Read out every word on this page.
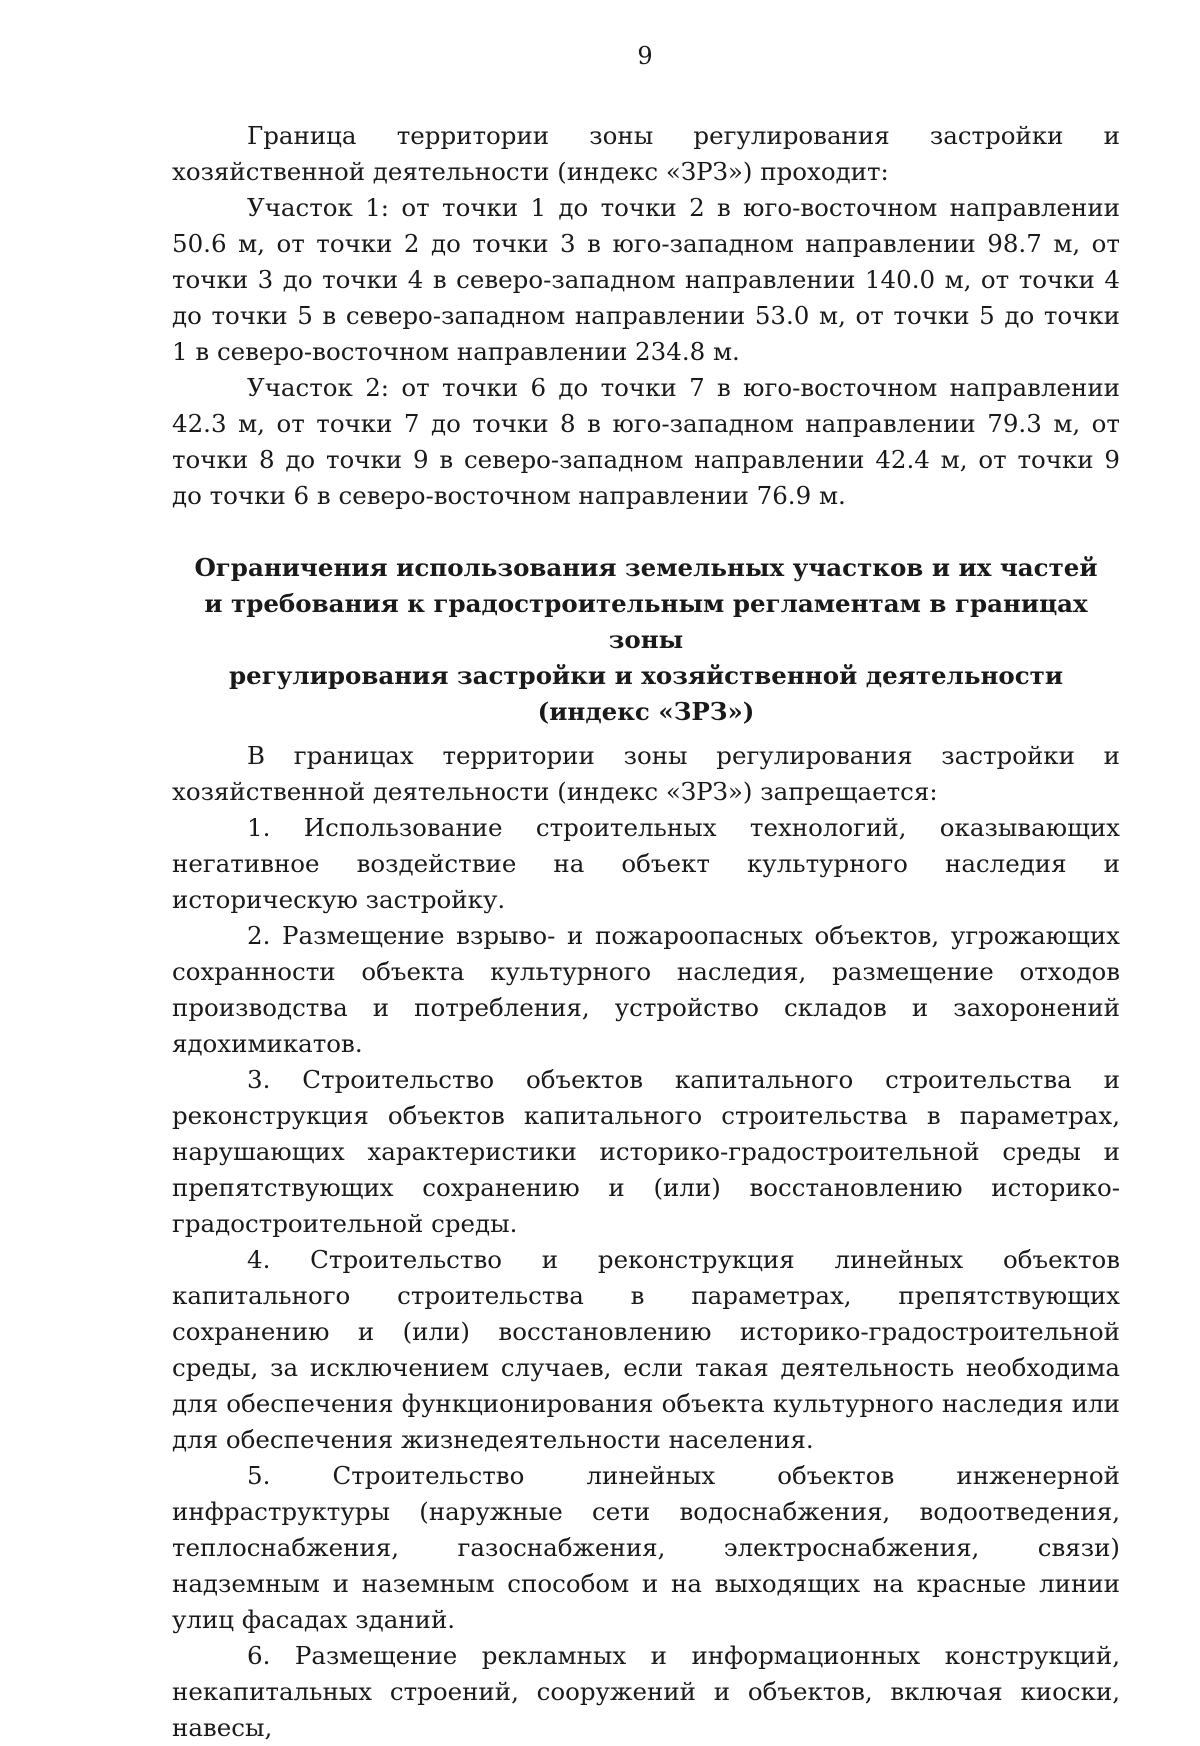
9

Граница территории зоны регулирования застройки и хозяйственной деятельности (индекс «ЗРЗ») проходит:

Участок 1: от точки 1 до точки 2 в юго-восточном направлении 50.6 м, от точки 2 до точки 3 в юго-западном направлении 98.7 м, от точки 3 до точки 4 в северо-западном направлении 140.0 м, от точки 4 до точки 5 в северо-западном направлении 53.0 м, от точки 5 до точки 1 в северо-восточном направлении 234.8 м.

Участок 2: от точки 6 до точки 7 в юго-восточном направлении 42.3 м, от точки 7 до точки 8 в юго-западном направлении 79.3 м, от точки 8 до точки 9 в северо-западном направлении 42.4 м, от точки 9 до точки 6 в северо-восточном направлении 76.9 м.

Ограничения использования земельных участков и их частей
и требования к градостроительным регламентам в границах зоны
регулирования застройки и хозяйственной деятельности
(индекс «ЗРЗ»)

В границах территории зоны регулирования застройки и хозяйственной деятельности (индекс «ЗРЗ») запрещается:

1. Использование строительных технологий, оказывающих негативное воздействие на объект культурного наследия и историческую застройку.

2. Размещение взрыво- и пожароопасных объектов, угрожающих сохранности объекта культурного наследия, размещение отходов производства и потребления, устройство складов и захоронений ядохимикатов.

3. Строительство объектов капитального строительства и реконструкция объектов капитального строительства в параметрах, нарушающих характеристики историко-градостроительной среды и препятствующих сохранению и (или) восстановлению историко-градостроительной среды.

4. Строительство и реконструкция линейных объектов капитального строительства в параметрах, препятствующих сохранению и (или) восстановлению историко-градостроительной среды, за исключением случаев, если такая деятельность необходима для обеспечения функционирования объекта культурного наследия или для обеспечения жизнедеятельности населения.

5. Строительство линейных объектов инженерной инфраструктуры (наружные сети водоснабжения, водоотведения, теплоснабжения, газоснабжения, электроснабжения, связи) надземным и наземным способом и на выходящих на красные линии улиц фасадах зданий.

6. Размещение рекламных и информационных конструкций, некапитальных строений, сооружений и объектов, включая киоски, навесы,
